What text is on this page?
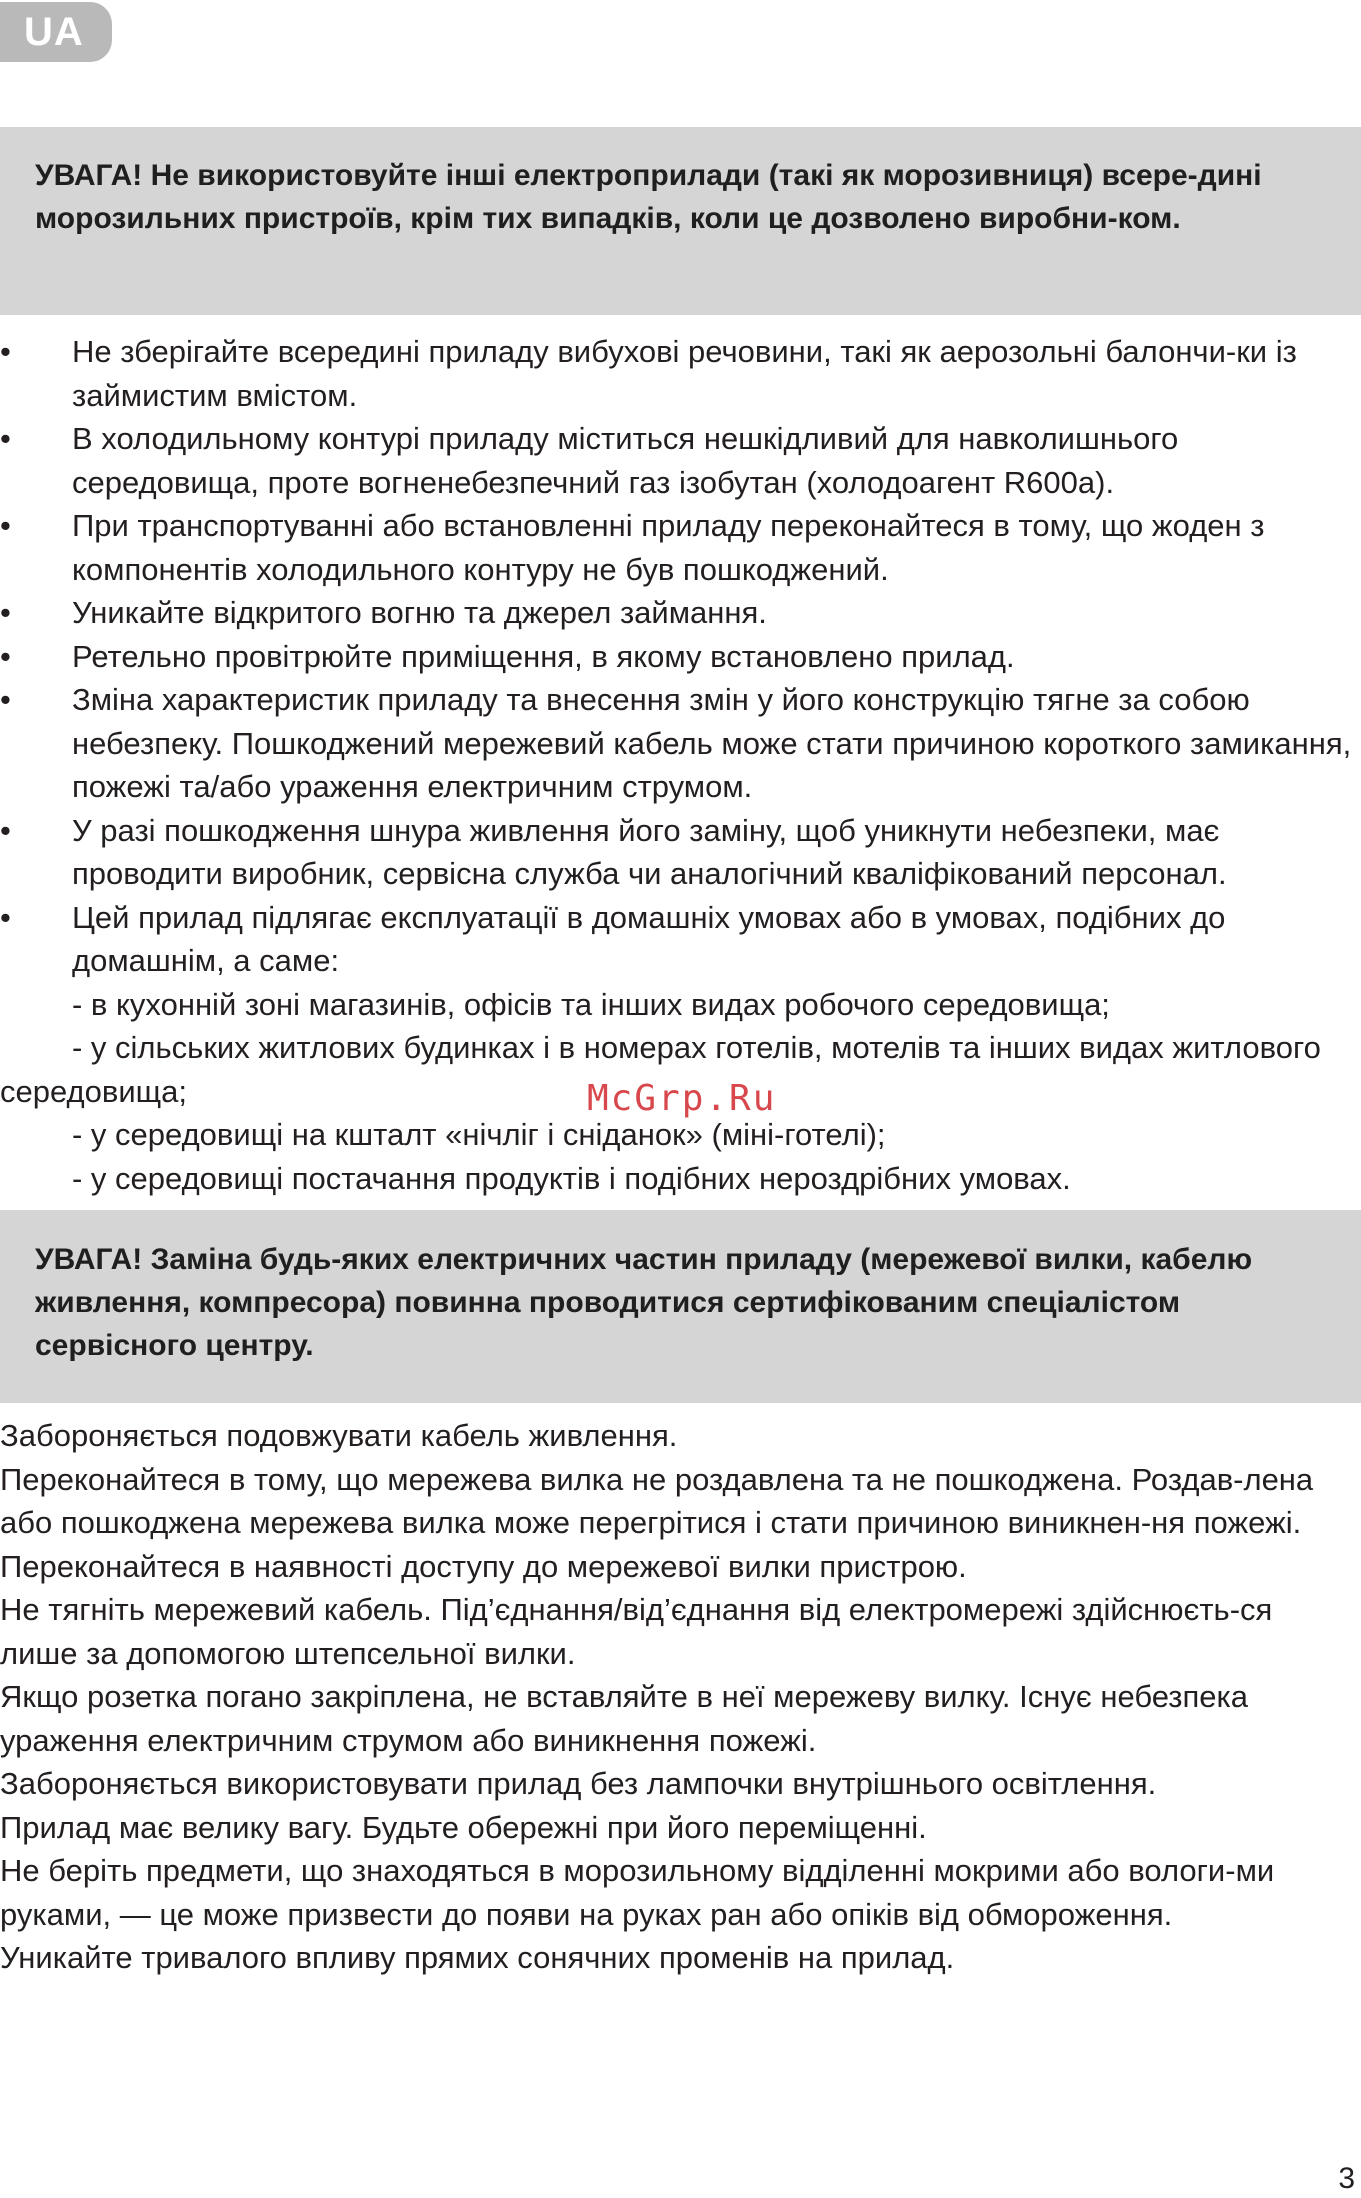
UA
УВАГА! Не використовуйте інші електроприлади (такі як морозивниця) всере-дині морозильних пристроїв, крім тих випадків, коли це дозволено виробни-ком.
• Не зберігайте всередині приладу вибухові речовини, такі як аерозольні балончи-ки із займистим вмістом.
• В холодильному контурі приладу міститься нешкідливий для навколишнього середовища, проте вогненебезпечний газ ізобутан (холодоагент R600a).
• При транспортуванні або встановленні приладу переконайтеся в тому, що жоден з компонентів холодильного контуру не був пошкоджений.
• Уникайте відкритого вогню та джерел займання.
• Ретельно провітрюйте приміщення, в якому встановлено прилад.
• Зміна характеристик приладу та внесення змін у його конструкцію тягне за собою небезпеку. Пошкоджений мережевий кабель може стати причиною короткого замикання, пожежі та/або ураження електричним струмом.
• У разі пошкодження шнура живлення його заміну, щоб уникнути небезпеки, має проводити виробник, сервісна служба чи аналогічний кваліфікований персонал.
• Цей прилад підлягає експлуатації в домашніх умовах або в умовах, подібних до домашнім, а саме:
- в кухонній зоні магазинів, офісів та інших видах робочого середовища;
- у сільських житлових будинках і в номерах готелів, мотелів та інших видах житлового середовища;
- у середовищі на кшталт «нічліг і сніданок» (міні-готелі);
- у середовищі постачання продуктів і подібних нероздрібних умовах.
УВАГА! Заміна будь-яких електричних частин приладу (мережевої вилки, кабелю живлення, компресора) повинна проводитися сертифікованим спеціалістом сервісного центру.

Забороняється подовжувати кабель живлення.

Переконайтеся в тому, що мережева вилка не роздавлена та не пошкоджена. Роздав-лена або пошкоджена мережева вилка може перегрітися і стати причиною виникнен-ня пожежі.

Переконайтеся в наявності доступу до мережевої вилки пристрою.

Не тягніть мережевий кабель. Під’єднання/від’єднання від електромережі здійснюєть-ся лише за допомогою штепсельної вилки.

Якщо розетка погано закріплена, не вставляйте в неї мережеву вилку. Існує небезпека ураження електричним струмом або виникнення пожежі.

Забороняється використовувати прилад без лампочки внутрішнього освітлення.

Прилад має велику вагу. Будьте обережні при його переміщенні.

Не беріть предмети, що знаходяться в морозильному відділенні мокрими або вологи-ми руками, — це може призвести до появи на руках ран або опіків від обмороження.

Уникайте тривалого впливу прямих сонячних променів на прилад.

McGrp.Ru
3
